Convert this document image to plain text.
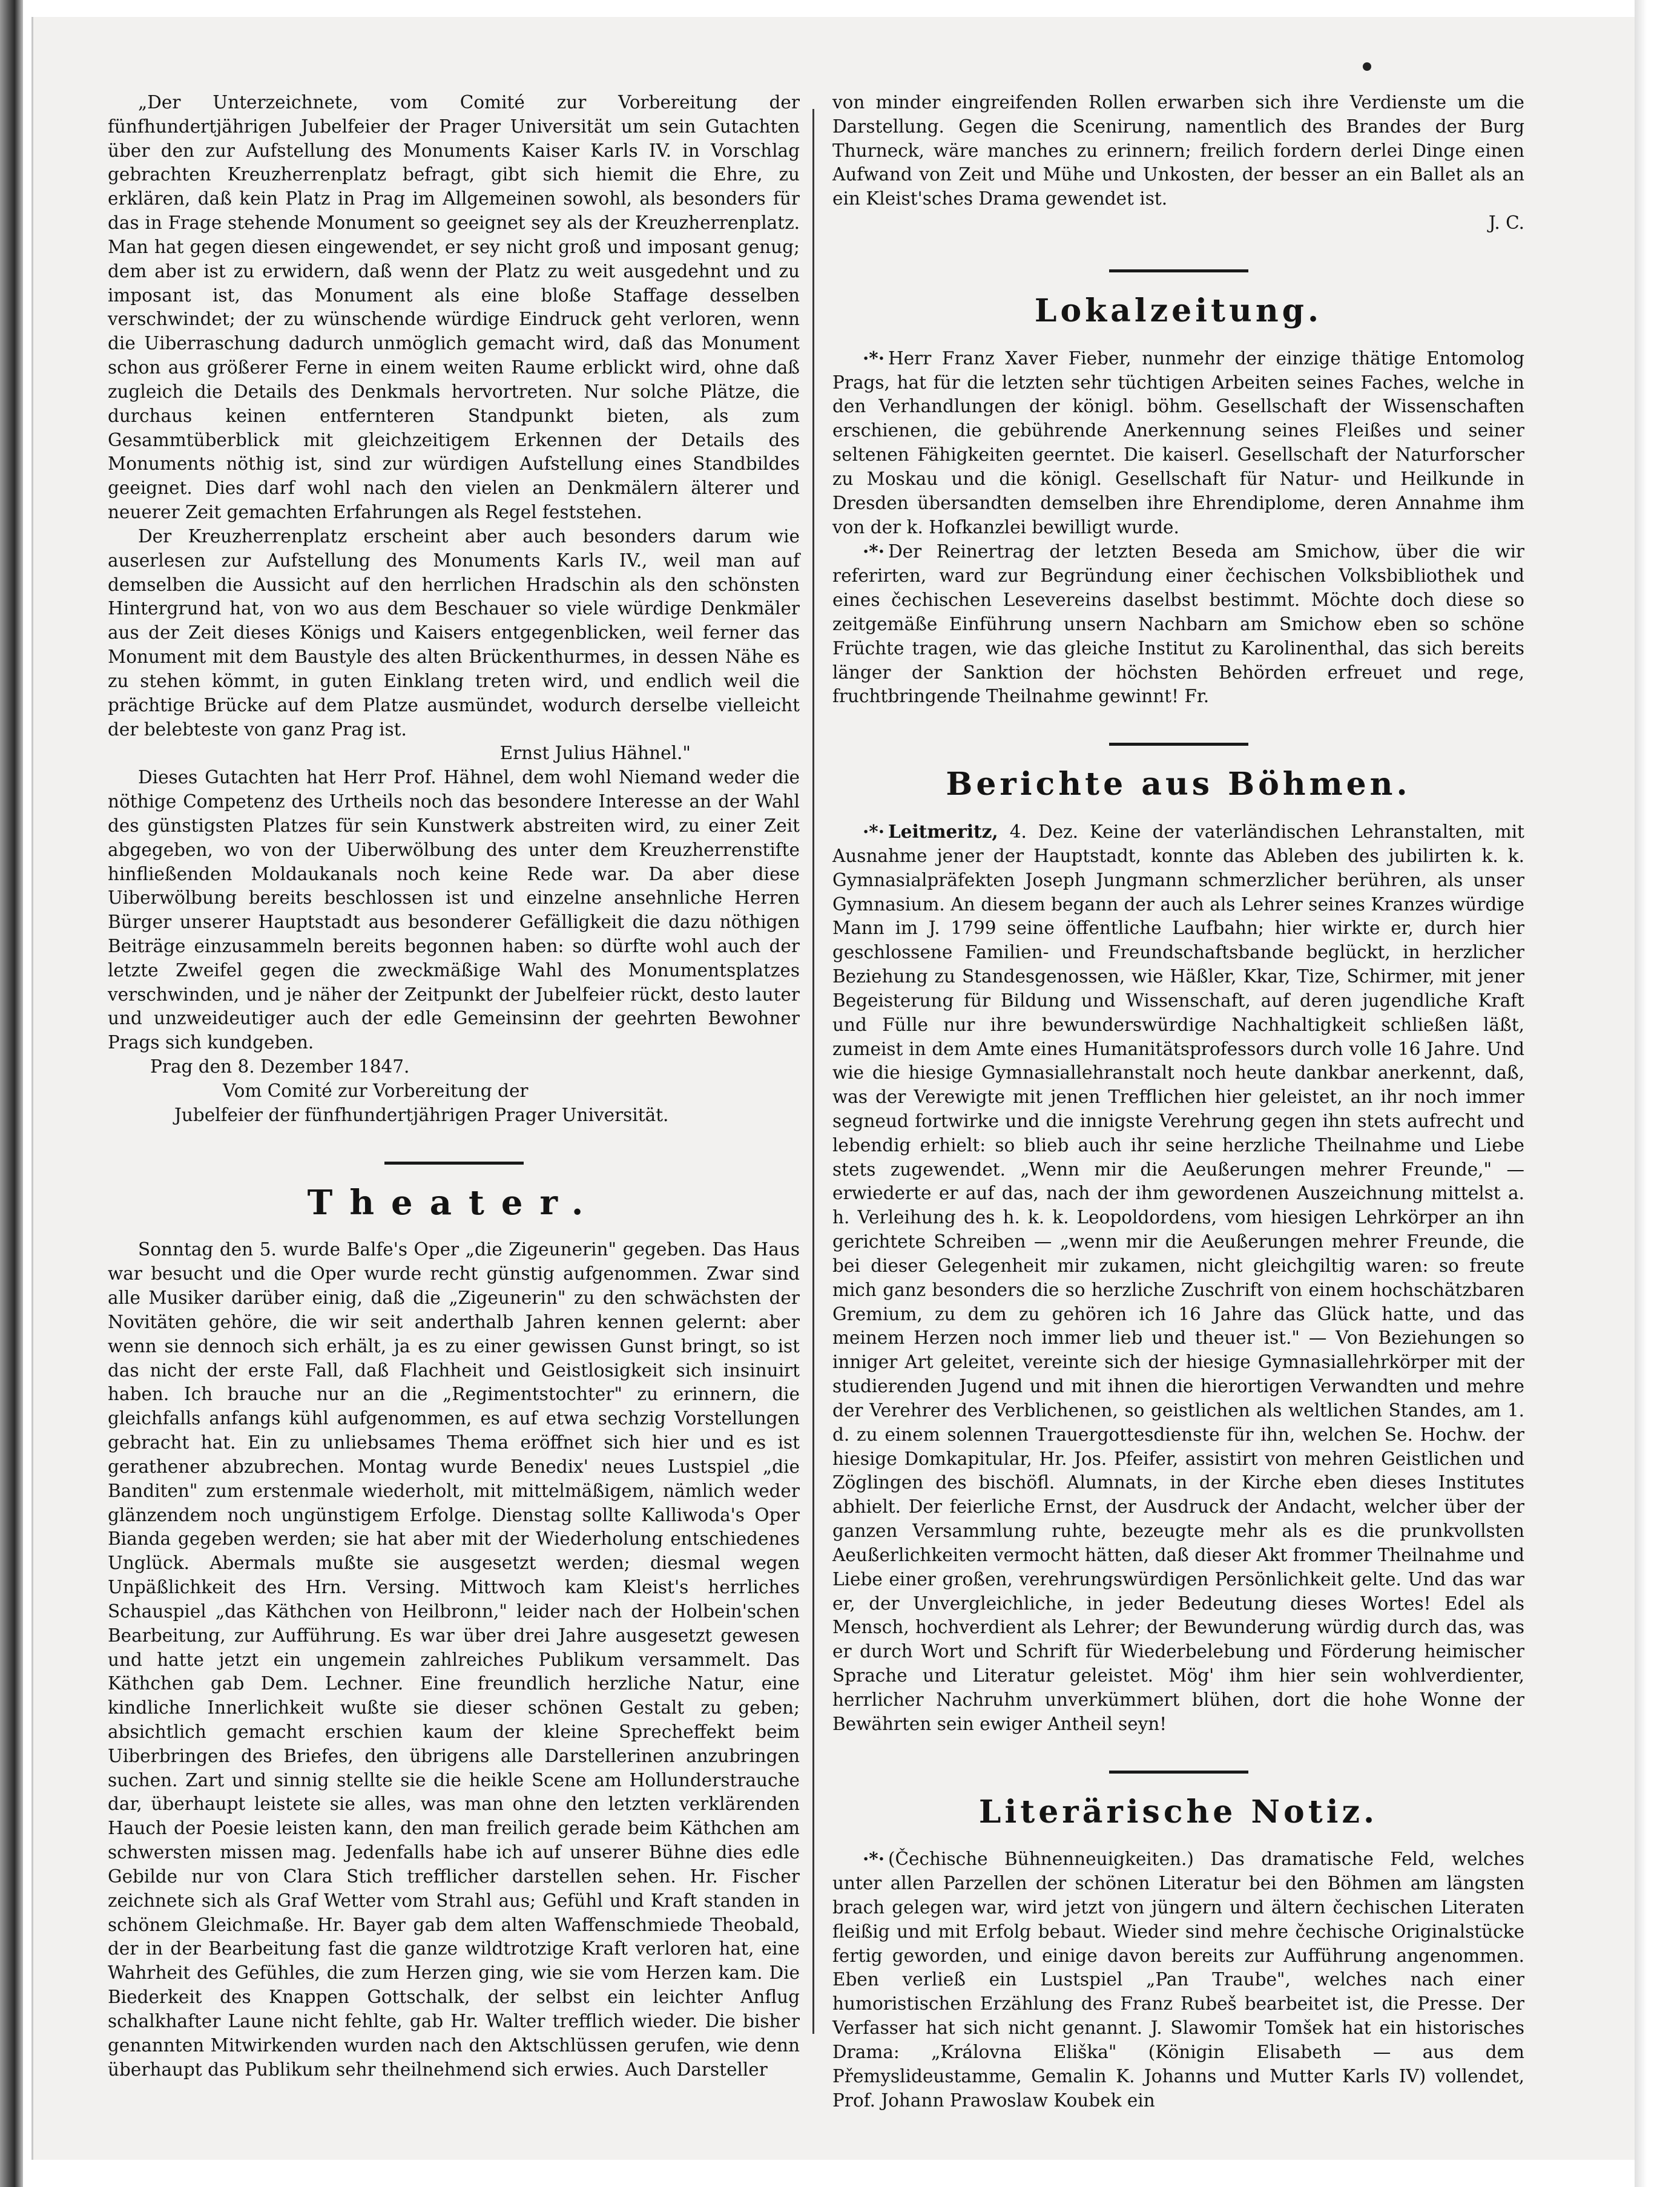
„Der Unterzeichnete, vom Comité zur Vorbereitung der fünfhundertjährigen Jubelfeier der Prager Universität um sein Gutachten über den zur Aufstellung des Monuments Kaiser Karls IV. in Vorschlag gebrachten Kreuzherrenplatz befragt, gibt sich hiemit die Ehre, zu erklären, daß kein Platz in Prag im Allgemeinen sowohl, als besonders für das in Frage stehende Monument so geeignet sey als der Kreuzherrenplatz. Man hat gegen diesen eingewendet, er sey nicht groß und imposant genug; dem aber ist zu erwidern, daß wenn der Platz zu weit ausgedehnt und zu imposant ist, das Monument als eine bloße Staffage desselben verschwindet; der zu wünschende würdige Eindruck geht verloren, wenn die Uiberraschung dadurch unmöglich gemacht wird, daß das Monument schon aus größerer Ferne in einem weiten Raume erblickt wird, ohne daß zugleich die Details des Denkmals hervortreten. Nur solche Plätze, die durchaus keinen entfernteren Standpunkt bieten, als zum Gesammtüberblick mit gleichzeitigem Erkennen der Details des Monuments nöthig ist, sind zur würdigen Aufstellung eines Standbildes geeignet. Dies darf wohl nach den vielen an Denkmälern älterer und neuerer Zeit gemachten Erfahrungen als Regel feststehen.

Der Kreuzherrenplatz erscheint aber auch besonders darum wie auserlesen zur Aufstellung des Monuments Karls IV., weil man auf demselben die Aussicht auf den herrlichen Hradschin als den schönsten Hintergrund hat, von wo aus dem Beschauer so viele würdige Denkmäler aus der Zeit dieses Königs und Kaisers entgegenblicken, weil ferner das Monument mit dem Baustyle des alten Brückenthurmes, in dessen Nähe es zu stehen kömmt, in guten Einklang treten wird, und endlich weil die prächtige Brücke auf dem Platze ausmündet, wodurch derselbe vielleicht der belebteste von ganz Prag ist.

Ernst Julius Hähnel."

Dieses Gutachten hat Herr Prof. Hähnel, dem wohl Niemand weder die nöthige Competenz des Urtheils noch das besondere Interesse an der Wahl des günstigsten Platzes für sein Kunstwerk abstreiten wird, zu einer Zeit abgegeben, wo von der Uiberwölbung des unter dem Kreuzherrenstifte hinfließenden Moldaukanals noch keine Rede war. Da aber diese Uiberwölbung bereits beschlossen ist und einzelne ansehnliche Herren Bürger unserer Hauptstadt aus besonderer Gefälligkeit die dazu nöthigen Beiträge einzusammeln bereits begonnen haben: so dürfte wohl auch der letzte Zweifel gegen die zweckmäßige Wahl des Monumentsplatzes verschwinden, und je näher der Zeitpunkt der Jubelfeier rückt, desto lauter und unzweideutiger auch der edle Gemeinsinn der geehrten Bewohner Prags sich kundgeben.

Prag den 8. Dezember 1847.

Vom Comité zur Vorbereitung der

Jubelfeier der fünfhundertjährigen Prager Universität.

Theater.

Sonntag den 5. wurde Balfe's Oper „die Zigeunerin" gegeben. Das Haus war besucht und die Oper wurde recht günstig aufgenommen. Zwar sind alle Musiker darüber einig, daß die „Zigeunerin" zu den schwächsten der Novitäten gehöre, die wir seit anderthalb Jahren kennen gelernt: aber wenn sie dennoch sich erhält, ja es zu einer gewissen Gunst bringt, so ist das nicht der erste Fall, daß Flachheit und Geistlosigkeit sich insinuirt haben. Ich brauche nur an die „Regimentstochter" zu erinnern, die gleichfalls anfangs kühl aufgenommen, es auf etwa sechzig Vorstellungen gebracht hat. Ein zu unliebsames Thema eröffnet sich hier und es ist gerathener abzubrechen. Montag wurde Benedix' neues Lustspiel „die Banditen" zum erstenmale wiederholt, mit mittelmäßigem, nämlich weder glänzendem noch ungünstigem Erfolge. Dienstag sollte Kalliwoda's Oper Bianda gegeben werden; sie hat aber mit der Wiederholung entschiedenes Unglück. Abermals mußte sie ausgesetzt werden; diesmal wegen Unpäßlichkeit des Hrn. Versing. Mittwoch kam Kleist's herrliches Schauspiel „das Käthchen von Heilbronn," leider nach der Holbein'schen Bearbeitung, zur Aufführung. Es war über drei Jahre ausgesetzt gewesen und hatte jetzt ein ungemein zahlreiches Publikum versammelt. Das Käthchen gab Dem. Lechner. Eine freundlich herzliche Natur, eine kindliche Innerlichkeit wußte sie dieser schönen Gestalt zu geben; absichtlich gemacht erschien kaum der kleine Sprecheffekt beim Uiberbringen des Briefes, den übrigens alle Darstellerinen anzubringen suchen. Zart und sinnig stellte sie die heikle Scene am Hollunderstrauche dar, überhaupt leistete sie alles, was man ohne den letzten verklärenden Hauch der Poesie leisten kann, den man freilich gerade beim Käthchen am schwersten missen mag. Jedenfalls habe ich auf unserer Bühne dies edle Gebilde nur von Clara Stich trefflicher darstellen sehen. Hr. Fischer zeichnete sich als Graf Wetter vom Strahl aus; Gefühl und Kraft standen in schönem Gleichmaße. Hr. Bayer gab dem alten Waffenschmiede Theobald, der in der Bearbeitung fast die ganze wildtrotzige Kraft verloren hat, eine Wahrheit des Gefühles, die zum Herzen ging, wie sie vom Herzen kam. Die Biederkeit des Knappen Gottschalk, der selbst ein leichter Anflug schalkhafter Laune nicht fehlte, gab Hr. Walter trefflich wieder. Die bisher genannten Mitwirkenden wurden nach den Aktschlüssen gerufen, wie denn überhaupt das Publikum sehr theilnehmend sich erwies. Auch Darsteller

von minder eingreifenden Rollen erwarben sich ihre Verdienste um die Darstellung. Gegen die Scenirung, namentlich des Brandes der Burg Thurneck, wäre manches zu erinnern; freilich fordern derlei Dinge einen Aufwand von Zeit und Mühe und Unkosten, der besser an ein Ballet als an ein Kleist'sches Drama gewendet ist.

J. C.

Lokalzeitung.

·*· Herr Franz Xaver Fieber, nunmehr der einzige thätige Entomolog Prags, hat für die letzten sehr tüchtigen Arbeiten seines Faches, welche in den Verhandlungen der königl. böhm. Gesellschaft der Wissenschaften erschienen, die gebührende Anerkennung seines Fleißes und seiner seltenen Fähigkeiten geerntet. Die kaiserl. Gesellschaft der Naturforscher zu Moskau und die königl. Gesellschaft für Natur- und Heilkunde in Dresden übersandten demselben ihre Ehrendiplome, deren Annahme ihm von der k. Hofkanzlei bewilligt wurde.

·*· Der Reinertrag der letzten Beseda am Smichow, über die wir referirten, ward zur Begründung einer čechischen Volksbibliothek und eines čechischen Lesevereins daselbst bestimmt. Möchte doch diese so zeitgemäße Einführung unsern Nachbarn am Smichow eben so schöne Früchte tragen, wie das gleiche Institut zu Karolinenthal, das sich bereits länger der Sanktion der höchsten Behörden erfreuet und rege, fruchtbringende Theilnahme gewinnt! Fr.

Berichte aus Böhmen.

·*· Leitmeritz, 4. Dez. Keine der vaterländischen Lehranstalten, mit Ausnahme jener der Hauptstadt, konnte das Ableben des jubilirten k. k. Gymnasialpräfekten Joseph Jungmann schmerzlicher berühren, als unser Gymnasium. An diesem begann der auch als Lehrer seines Kranzes würdige Mann im J. 1799 seine öffentliche Laufbahn; hier wirkte er, durch hier geschlossene Familien- und Freundschaftsbande beglückt, in herzlicher Beziehung zu Standesgenossen, wie Häßler, Kkar, Tize, Schirmer, mit jener Begeisterung für Bildung und Wissenschaft, auf deren jugendliche Kraft und Fülle nur ihre bewunderswürdige Nachhaltigkeit schließen läßt, zumeist in dem Amte eines Humanitätsprofessors durch volle 16 Jahre. Und wie die hiesige Gymnasiallehranstalt noch heute dankbar anerkennt, daß, was der Verewigte mit jenen Trefflichen hier geleistet, an ihr noch immer segneud fortwirke und die innigste Verehrung gegen ihn stets aufrecht und lebendig erhielt: so blieb auch ihr seine herzliche Theilnahme und Liebe stets zugewendet. „Wenn mir die Aeußerungen mehrer Freunde," — erwiederte er auf das, nach der ihm gewordenen Auszeichnung mittelst a. h. Verleihung des h. k. k. Leopoldordens, vom hiesigen Lehrkörper an ihn gerichtete Schreiben — „wenn mir die Aeußerungen mehrer Freunde, die bei dieser Gelegenheit mir zukamen, nicht gleichgiltig waren: so freute mich ganz besonders die so herzliche Zuschrift von einem hochschätzbaren Gremium, zu dem zu gehören ich 16 Jahre das Glück hatte, und das meinem Herzen noch immer lieb und theuer ist." — Von Beziehungen so inniger Art geleitet, vereinte sich der hiesige Gymnasiallehrkörper mit der studierenden Jugend und mit ihnen die hierortigen Verwandten und mehre der Verehrer des Verblichenen, so geistlichen als weltlichen Standes, am 1. d. zu einem solennen Trauergottesdienste für ihn, welchen Se. Hochw. der hiesige Domkapitular, Hr. Jos. Pfeifer, assistirt von mehren Geistlichen und Zöglingen des bischöfl. Alumnats, in der Kirche eben dieses Institutes abhielt. Der feierliche Ernst, der Ausdruck der Andacht, welcher über der ganzen Versammlung ruhte, bezeugte mehr als es die prunkvollsten Aeußerlichkeiten vermocht hätten, daß dieser Akt frommer Theilnahme und Liebe einer großen, verehrungswürdigen Persönlichkeit gelte. Und das war er, der Unvergleichliche, in jeder Bedeutung dieses Wortes! Edel als Mensch, hochverdient als Lehrer; der Bewunderung würdig durch das, was er durch Wort und Schrift für Wiederbelebung und Förderung heimischer Sprache und Literatur geleistet. Mög' ihm hier sein wohlverdienter, herrlicher Nachruhm unverkümmert blühen, dort die hohe Wonne der Bewährten sein ewiger Antheil seyn!

Literärische Notiz.

·*· (Čechische Bühnenneuigkeiten.) Das dramatische Feld, welches unter allen Parzellen der schönen Literatur bei den Böhmen am längsten brach gelegen war, wird jetzt von jüngern und ältern čechischen Literaten fleißig und mit Erfolg bebaut. Wieder sind mehre čechische Originalstücke fertig geworden, und einige davon bereits zur Aufführung angenommen. Eben verließ ein Lustspiel „Pan Traube", welches nach einer humoristischen Erzählung des Franz Rubeš bearbeitet ist, die Presse. Der Verfasser hat sich nicht genannt. J. Slawomir Tomšek hat ein historisches Drama: „Královna Eliška" (Königin Elisabeth — aus dem Přemyslideustamme, Gemalin K. Johanns und Mutter Karls IV) vollendet, Prof. Johann Prawoslaw Koubek ein
